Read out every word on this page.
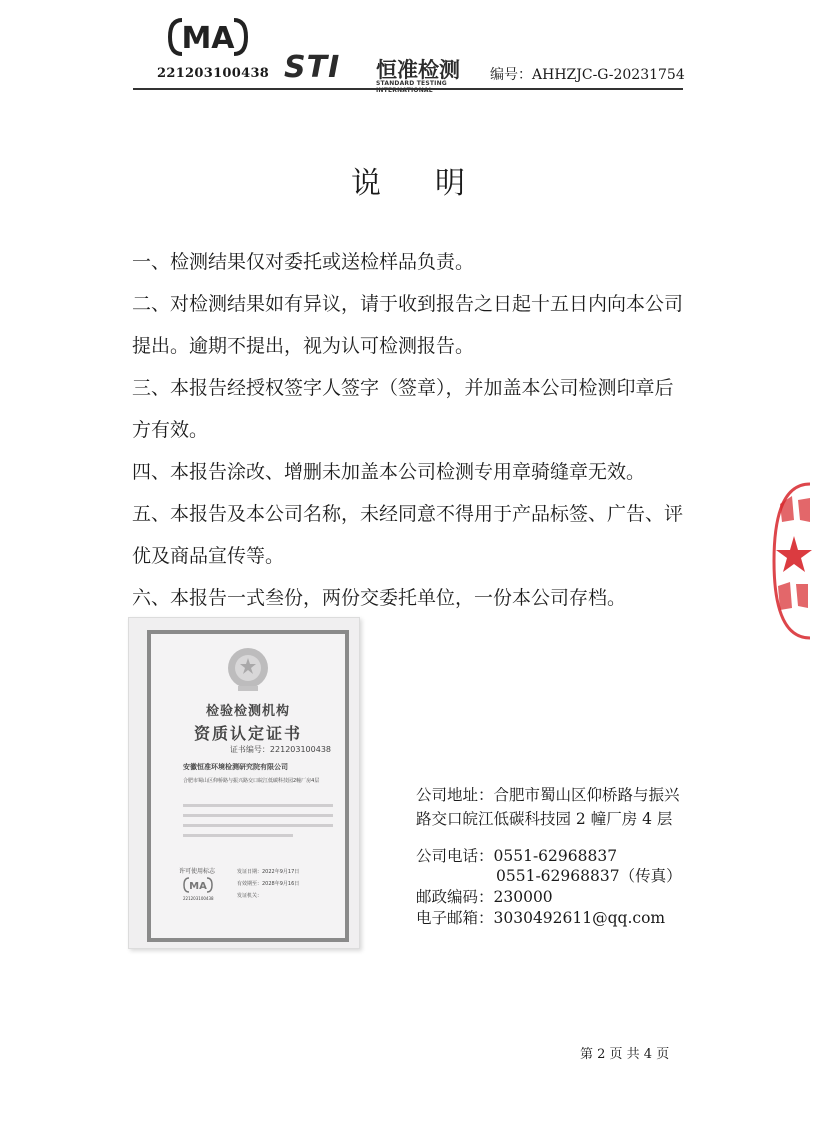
MA
221203100438 STI 恒准检测
STANDARD TESTING INTERNATIONAL
编号：AHHZJC-G-20231754
说 明
一、检测结果仅对委托或送检样品负责。
二、对检测结果如有异议，请于收到报告之日起十五日内向本公司提出。逾期不提出，视为认可检测报告。
三、本报告经授权签字人签字（签章），并加盖本公司检测印章后方有效。
四、本报告涂改、增删未加盖本公司检测专用章骑缝章无效。
五、本报告及本公司名称，未经同意不得用于产品标签、广告、评优及商品宣传等。
六、本报告一式叁份，两份交委托单位，一份本公司存档。
检验检测机构
资质认定证书
证书编号：221203100438
安徽恒准环境检测研究院有限公司
合肥市蜀山区仰桥路与振兴路交口皖江低碳科技园2幢厂房4层
许可使用标志
MA
221203100438
发证日期：2022年9月17日
有效期至：2028年9月16日
发证机关：
公司地址：合肥市蜀山区仰桥路与振兴路交口皖江低碳科技园 2 幢厂房 4 层
公司电话：0551-62968837
0551-62968837（传真）
邮政编码：230000
电子邮箱：3030492611@qq.com
第 2 页 共 4 页
